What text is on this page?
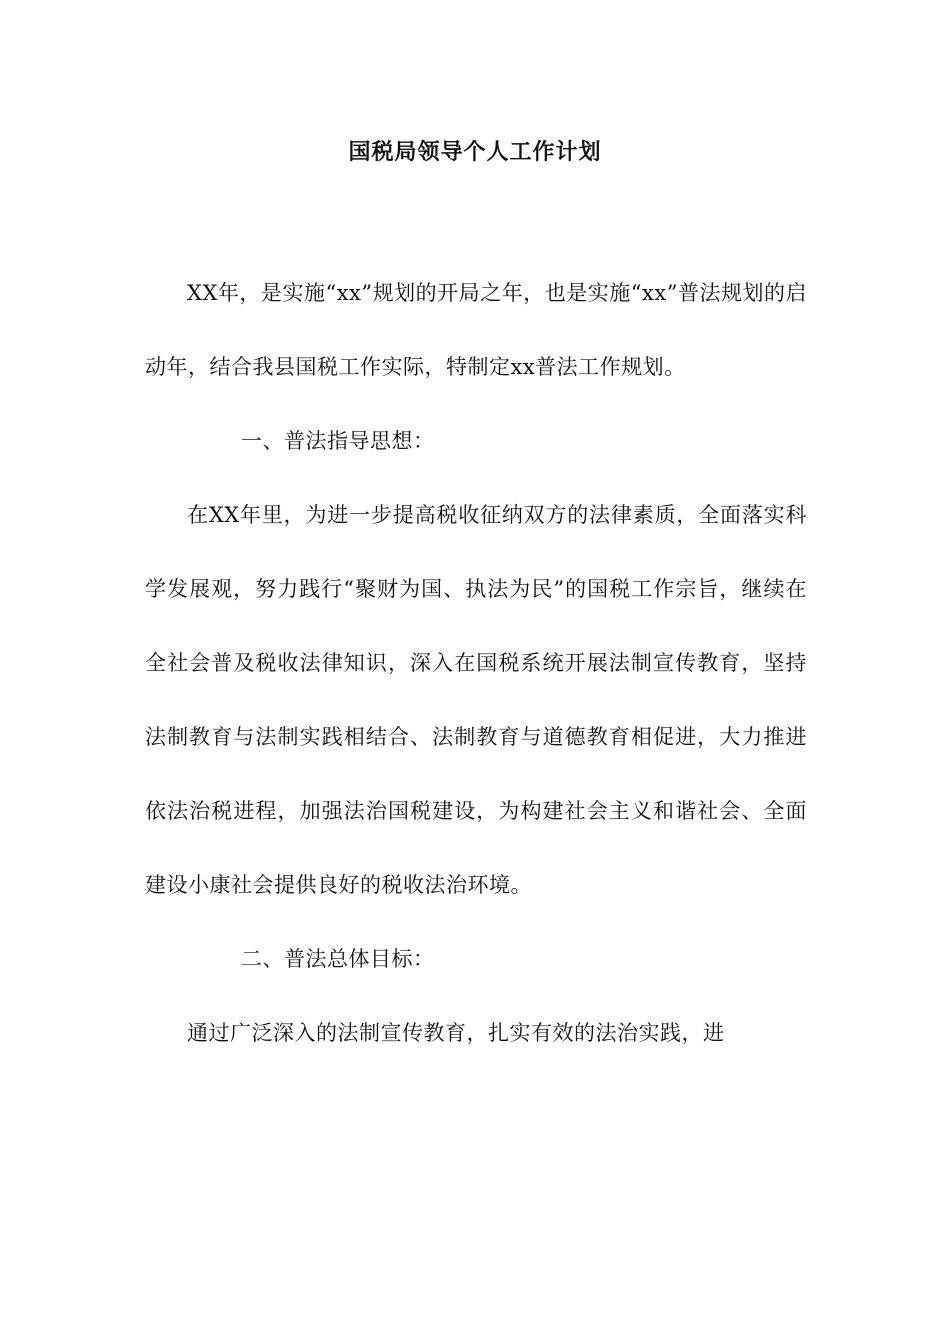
国税局领导个人工作计划

XX年，是实施“xx”规划的开局之年，也是实施“xx”普法规划的启动年，结合我县国税工作实际，特制定xx普法工作规划。

一、普法指导思想：

在XX年里，为进一步提高税收征纳双方的法律素质，全面落实科学发展观，努力践行“聚财为国、执法为民”的国税工作宗旨，继续在全社会普及税收法律知识，深入在国税系统开展法制宣传教育，坚持法制教育与法制实践相结合、法制教育与道德教育相促进，大力推进依法治税进程，加强法治国税建设，为构建社会主义和谐社会、全面建设小康社会提供良好的税收法治环境。

二、普法总体目标：

通过广泛深入的法制宣传教育，扎实有效的法治实践，进
